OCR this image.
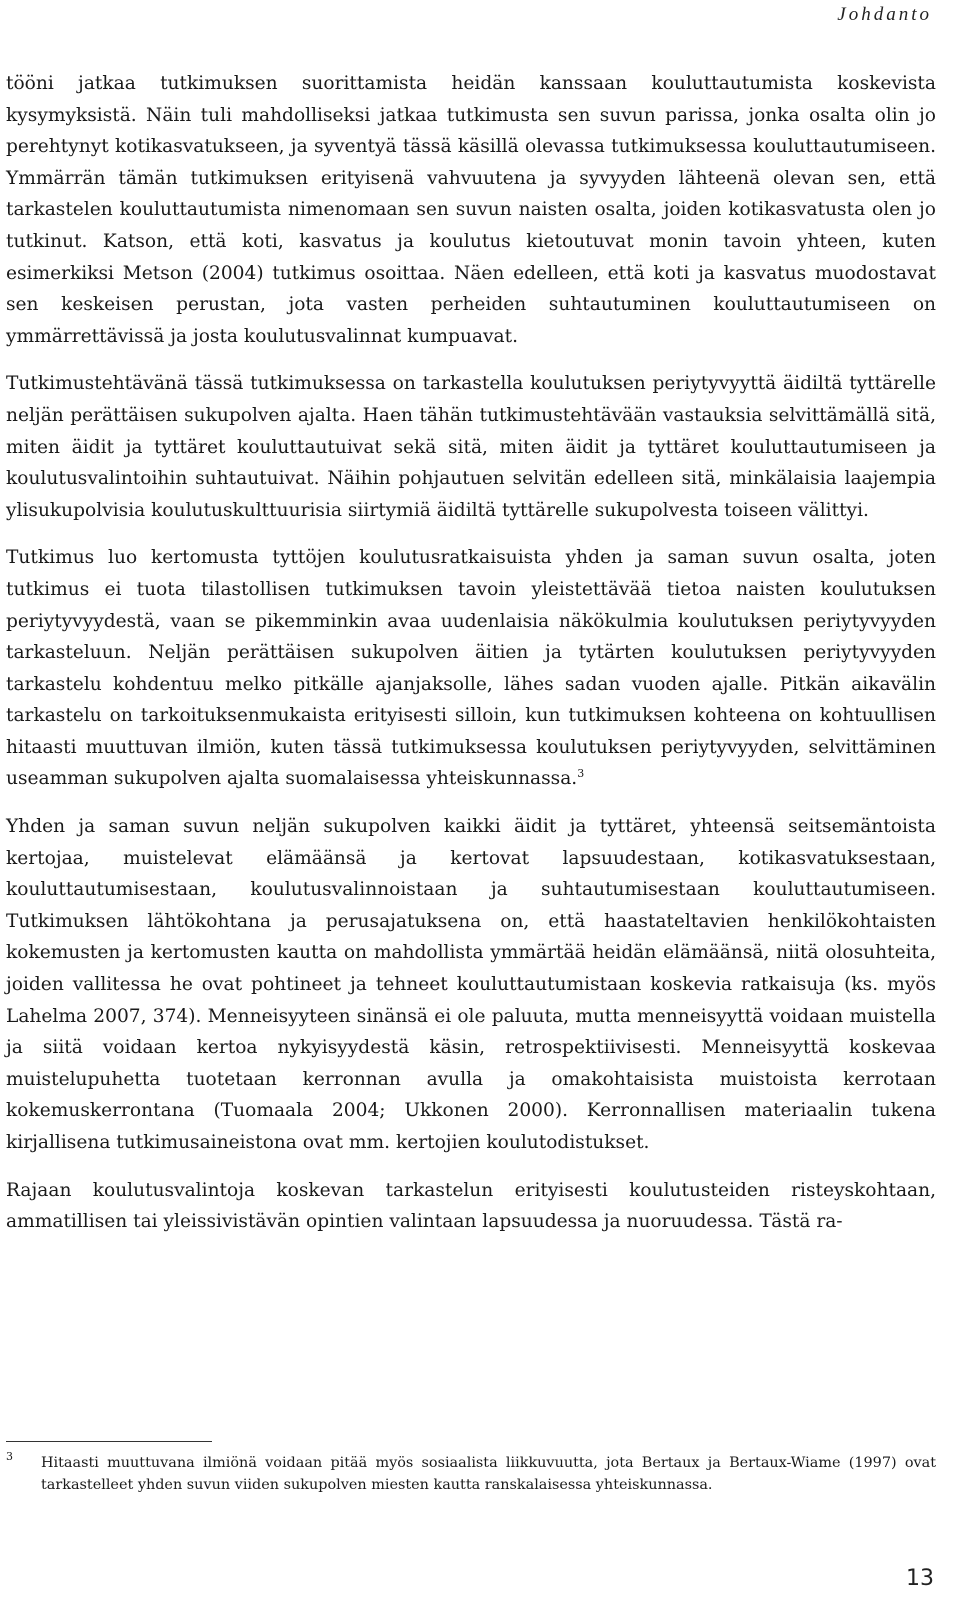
Johdanto

tööni jatkaa tutkimuksen suorittamista heidän kanssaan kouluttautumista koskevista kysymyksistä. Näin tuli mahdolliseksi jatkaa tutkimusta sen suvun parissa, jonka osalta olin jo perehtynyt kotikasvatukseen, ja syventyä tässä käsillä olevassa tutkimuksessa kouluttautumiseen. Ymmärrän tämän tutkimuksen erityisenä vahvuutena ja syvyyden lähteenä olevan sen, että tarkastelen kouluttautumista nimenomaan sen suvun naisten osalta, joiden kotikasvatusta olen jo tutkinut. Katson, että koti, kasvatus ja koulutus kietoutuvat monin tavoin yhteen, kuten esimerkiksi Metson (2004) tutkimus osoittaa. Näen edelleen, että koti ja kasvatus muodostavat sen keskeisen perustan, jota vasten perheiden suhtautuminen kouluttautumiseen on ymmärrettävissä ja josta koulutusvalinnat kumpuavat.

Tutkimustehtävänä tässä tutkimuksessa on tarkastella koulutuksen periytyvyyttä äidiltä tyttärelle neljän perättäisen sukupolven ajalta. Haen tähän tutkimustehtävään vastauksia selvittämällä sitä, miten äidit ja tyttäret kouluttautuivat sekä sitä, miten äidit ja tyttäret kouluttautumiseen ja koulutusvalintoihin suhtautuivat. Näihin pohjautuen selvitän edelleen sitä, minkälaisia laajempia ylisukupolvisia koulutuskulttuurisia siirtymiä äidiltä tyttärelle sukupolvesta toiseen välittyi.

Tutkimus luo kertomusta tyttöjen koulutusratkaisuista yhden ja saman suvun osalta, joten tutkimus ei tuota tilastollisen tutkimuksen tavoin yleistettävää tietoa naisten koulutuksen periytyvyydestä, vaan se pikemminkin avaa uudenlaisia näkökulmia koulutuksen periytyvyyden tarkasteluun. Neljän perättäisen sukupolven äitien ja tytärten koulutuksen periytyvyyden tarkastelu kohdentuu melko pitkälle ajanjaksolle, lähes sadan vuoden ajalle. Pitkän aikavälin tarkastelu on tarkoituksenmukaista erityisesti silloin, kun tutkimuksen kohteena on kohtuullisen hitaasti muuttuvan ilmiön, kuten tässä tutkimuksessa koulutuksen periytyvyyden, selvittäminen useamman sukupolven ajalta suomalaisessa yhteiskunnassa.$^3$

Yhden ja saman suvun neljän sukupolven kaikki äidit ja tyttäret, yhteensä seitsemäntoista kertojaa, muistelevat elämäänsä ja kertovat lapsuudestaan, kotikasvatuksestaan, kouluttautumisestaan, koulutusvalinnoistaan ja suhtautumisestaan kouluttautumiseen. Tutkimuksen lähtökohtana ja perusajatuksena on, että haastateltavien henkilökohtaisten kokemusten ja kertomusten kautta on mahdollista ymmärtää heidän elämäänsä, niitä olosuhteita, joiden vallitessa he ovat pohtineet ja tehneet kouluttautumistaan koskevia ratkaisuja (ks. myös Lahelma 2007, 374). Menneisyyteen sinänsä ei ole paluuta, mutta menneisyyttä voidaan muistella ja siitä voidaan kertoa nykyisyydestä käsin, retrospektiivisesti. Menneisyyttä koskevaa muistelupuhetta tuotetaan kerronnan avulla ja omakohtaisista muistoista kerrotaan kokemuskerrontana (Tuomaala 2004; Ukkonen 2000). Kerronnallisen materiaalin tukena kirjallisena tutkimusaineistona ovat mm. kertojien koulutodistukset.

Rajaan koulutusvalintoja koskevan tarkastelun erityisesti koulutusteiden risteyskohtaan, ammatillisen tai yleissivistävän opintien valintaan lapsuudessa ja nuoruudessa. Tästä ra-

3 Hitaasti muuttuvana ilmiönä voidaan pitää myös sosiaalista liikkuvuutta, jota Bertaux ja Bertaux-Wiame (1997) ovat tarkastelleet yhden suvun viiden sukupolven miesten kautta ranskalaisessa yhteiskunnassa.
13
